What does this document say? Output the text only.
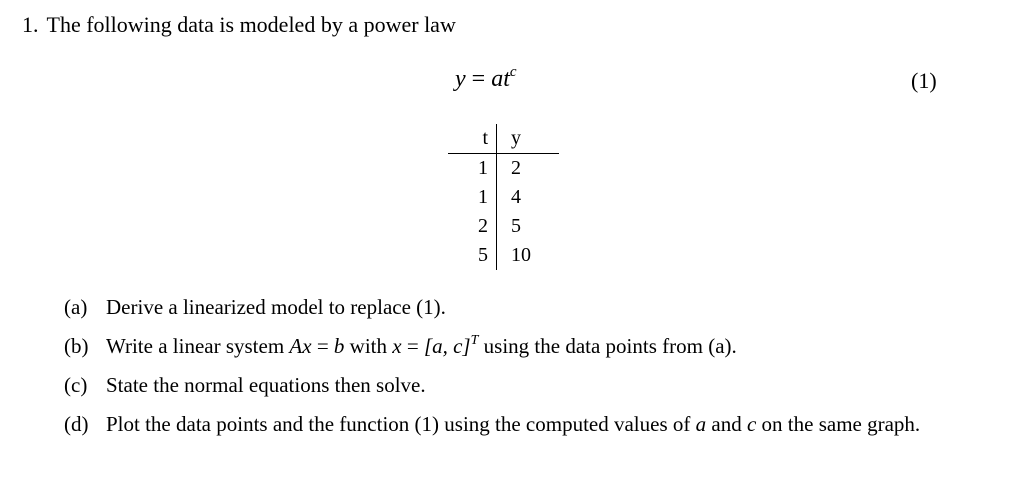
1. The following data is modeled by a power law
$y = at^c$	(1)
t	y
1	2
1	4
2	5
5	10
(a) Derive a linearized model to replace (1).
(b) Write a linear system Ax = b with x = [a, c]$^T$ using the data points from (a).
(c) State the normal equations then solve.
(d) Plot the data points and the function (1) using the computed values of a and c on the same graph.
